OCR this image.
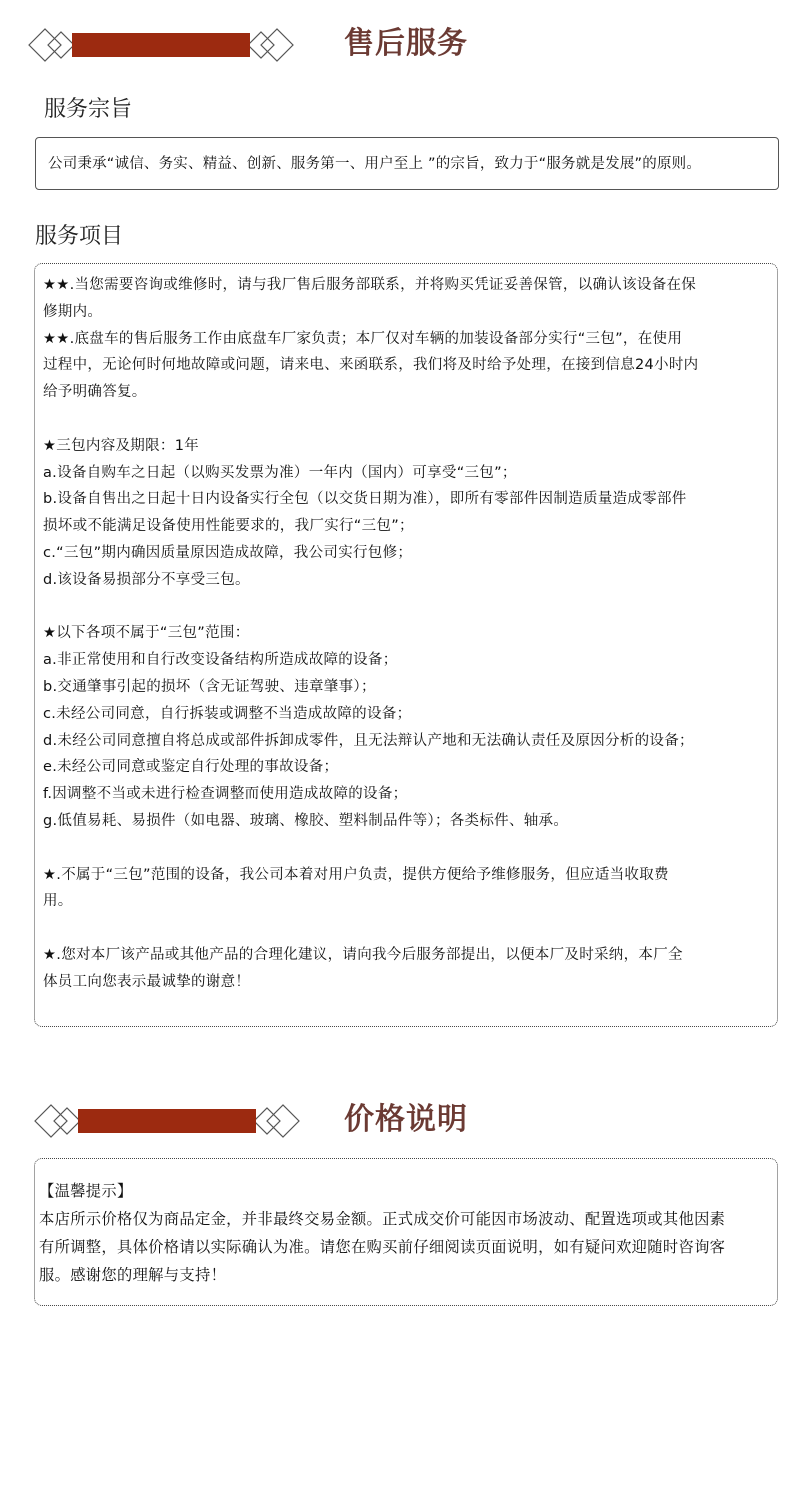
售后服务
服务宗旨
公司秉承“诚信、务实、精益、创新、服务第一、用户至上 ”的宗旨，致力于“服务就是发展”的原则。
服务项目
★★.当您需要咨询或维修时，请与我厂售后服务部联系，并将购买凭证妥善保管，以确认该设备在保
修期内。
★★.底盘车的售后服务工作由底盘车厂家负责；本厂仅对车辆的加装设备部分实行“三包”，在使用
过程中，无论何时何地故障或问题，请来电、来函联系，我们将及时给予处理，在接到信息24小时内
给予明确答复。
★三包内容及期限：1年
a.设备自购车之日起（以购买发票为准）一年内（国内）可享受“三包”；
b.设备自售出之日起十日内设备实行全包（以交货日期为准），即所有零部件因制造质量造成零部件
损坏或不能满足设备使用性能要求的，我厂实行“三包”；
c.“三包”期内确因质量原因造成故障，我公司实行包修；
d.该设备易损部分不享受三包。
★以下各项不属于“三包”范围：
a.非正常使用和自行改变设备结构所造成故障的设备；
b.交通肇事引起的损坏（含无证驾驶、违章肇事）；
c.未经公司同意，自行拆装或调整不当造成故障的设备；
d.未经公司同意擅自将总成或部件拆卸成零件，且无法辩认产地和无法确认责任及原因分析的设备；
e.未经公司同意或鉴定自行处理的事故设备；
f.因调整不当或未进行检查调整而使用造成故障的设备；
g.低值易耗、易损件（如电器、玻璃、橡胶、塑料制品件等）；各类标件、轴承。
★.不属于“三包”范围的设备，我公司本着对用户负责，提供方便给予维修服务，但应适当收取费
用。
★.您对本厂该产品或其他产品的合理化建议，请向我今后服务部提出，以便本厂及时采纳，本厂全
体员工向您表示最诚挚的谢意！
价格说明
【温馨提示】
本店所示价格仅为商品定金，并非最终交易金额。正式成交价可能因市场波动、配置选项或其他因素
有所调整，具体价格请以实际确认为准。请您在购买前仔细阅读页面说明，如有疑问欢迎随时咨询客
服。感谢您的理解与支持！
